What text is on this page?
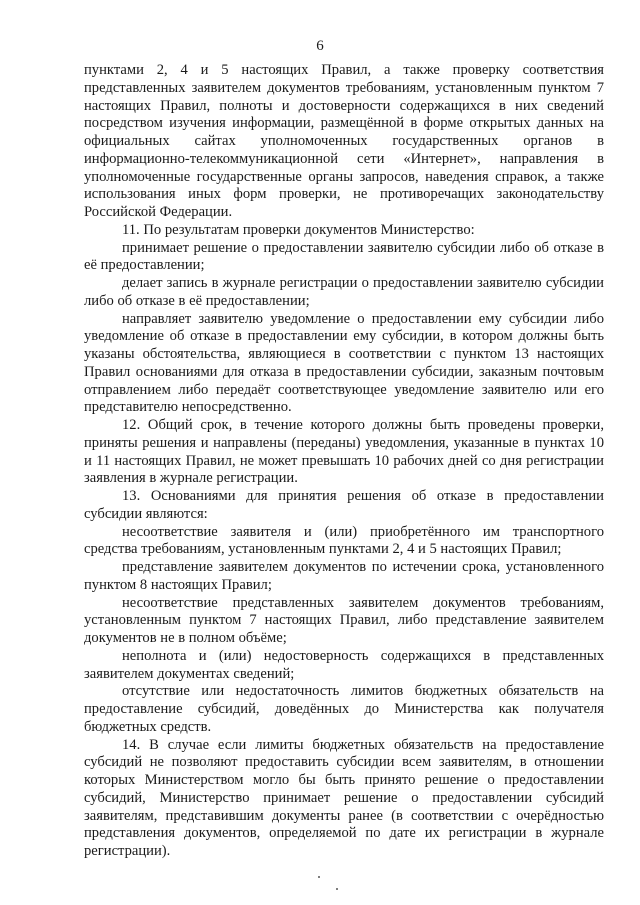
6

пунктами 2, 4 и 5 настоящих Правил, а также проверку соответствия представленных заявителем документов требованиям, установленным пунктом 7 настоящих Правил, полноты и достоверности содержащихся в них сведений посредством изучения информации, размещённой в форме открытых данных на официальных сайтах уполномоченных государственных органов в информационно-телекоммуникационной сети «Интернет», направления в уполномоченные государственные органы запросов, наведения справок, а также использования иных форм проверки, не противоречащих законодательству Российской Федерации.

11. По результатам проверки документов Министерство:

принимает решение о предоставлении заявителю субсидии либо об отказе в её предоставлении;

делает запись в журнале регистрации о предоставлении заявителю субсидии либо об отказе в её предоставлении;

направляет заявителю уведомление о предоставлении ему субсидии либо уведомление об отказе в предоставлении ему субсидии, в котором должны быть указаны обстоятельства, являющиеся в соответствии с пунктом 13 настоящих Правил основаниями для отказа в предоставлении субсидии, заказным почтовым отправлением либо передаёт соответствующее уведомление заявителю или его представителю непосредственно.

12. Общий срок, в течение которого должны быть проведены проверки, приняты решения и направлены (переданы) уведомления, указанные в пунктах 10 и 11 настоящих Правил, не может превышать 10 рабочих дней со дня регистрации заявления в журнале регистрации.

13. Основаниями для принятия решения об отказе в предоставлении субсидии являются:

несоответствие заявителя и (или) приобретённого им транспортного средства требованиям, установленным пунктами 2, 4 и 5 настоящих Правил;

представление заявителем документов по истечении срока, установленного пунктом 8 настоящих Правил;

несоответствие представленных заявителем документов требованиям, установленным пунктом 7 настоящих Правил, либо представление заявителем документов не в полном объёме;

неполнота и (или) недостоверность содержащихся в представленных заявителем документах сведений;

отсутствие или недостаточность лимитов бюджетных обязательств на предоставление субсидий, доведённых до Министерства как получателя бюджетных средств.

14. В случае если лимиты бюджетных обязательств на предоставление субсидий не позволяют предоставить субсидии всем заявителям, в отношении которых Министерством могло бы быть принято решение о предоставлении субсидий, Министерство принимает решение о предоставлении субсидий заявителям, представившим документы ранее (в соответствии с очерёдностью представления документов, определяемой по дате их регистрации в журнале регистрации).
